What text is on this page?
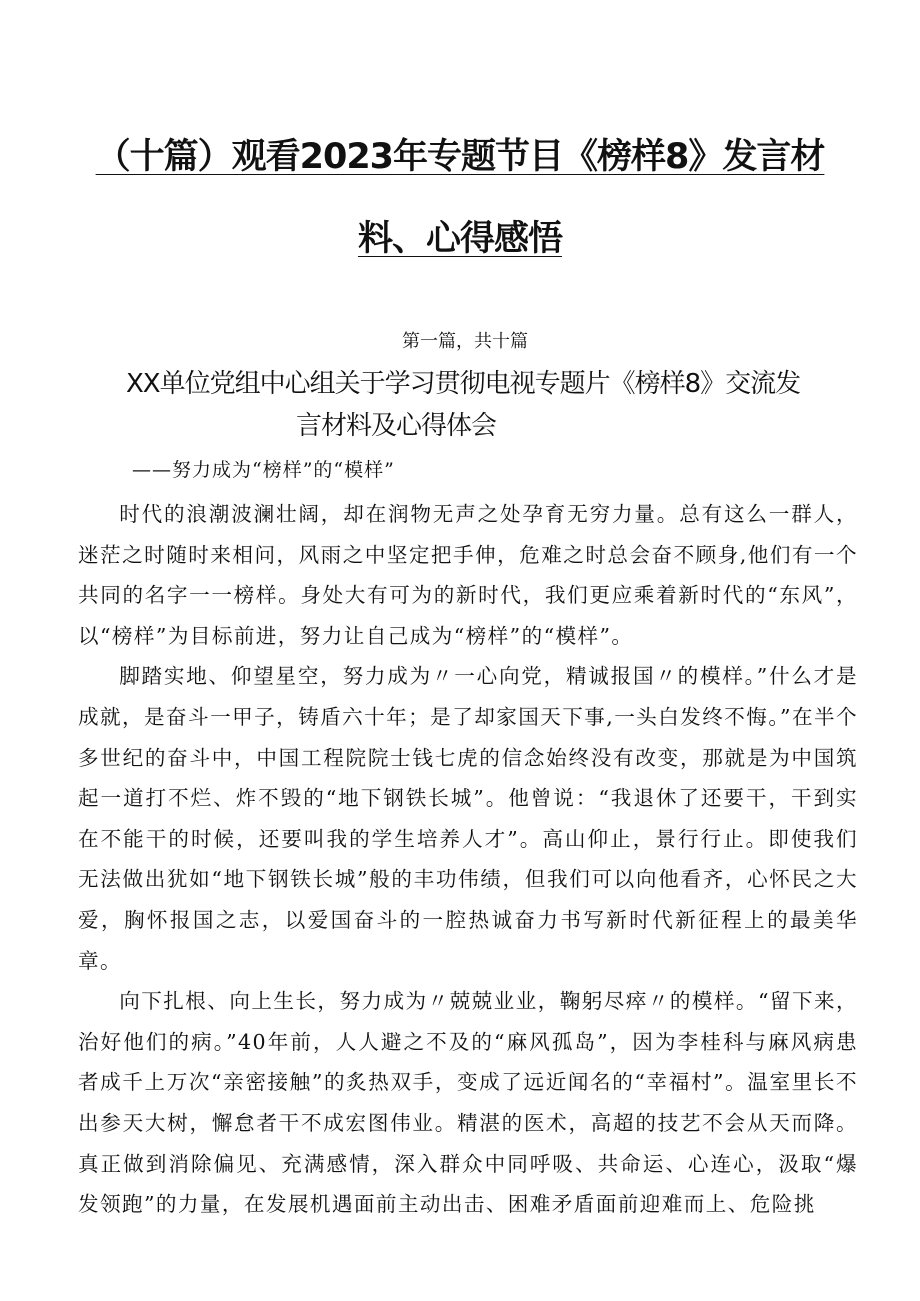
（十篇）观看2023年专题节目《榜样8》发言材
料、心得感悟
第一篇，共十篇
XX单位党组中心组关于学习贯彻电视专题片《榜样8》交流发
言材料及心得体会
——努力成为“榜样”的“模样”

时代的浪潮波澜壮阔，却在润物无声之处孕育无穷力量。总有这么一群人，迷茫之时随时来相问，风雨之中坚定把手伸，危难之时总会奋不顾身,他们有一个共同的名字一一榜样。身处大有可为的新时代，我们更应乘着新时代的“东风”，以“榜样”为目标前进，努力让自己成为“榜样”的“模样”。

脚踏实地、仰望星空，努力成为〃一心向党，精诚报国〃的模样。”什么才是成就，是奋斗一甲子，铸盾六十年；是了却家国天下事,一头白发终不悔。”在半个多世纪的奋斗中，中国工程院院士钱七虎的信念始终没有改变，那就是为中国筑起一道打不烂、炸不毁的“地下钢铁长城”。他曾说：“我退休了还要干，干到实在不能干的时候，还要叫我的学生培养人才”。高山仰止，景行行止。即使我们无法做出犹如“地下钢铁长城”般的丰功伟绩，但我们可以向他看齐，心怀民之大爱，胸怀报国之志，以爱国奋斗的一腔热诚奋力书写新时代新征程上的最美华章。

向下扎根、向上生长，努力成为〃兢兢业业，鞠躬尽瘁〃的模样。“留下来，治好他们的病。”40年前，人人避之不及的“麻风孤岛”，因为李桂科与麻风病患者成千上万次“亲密接触”的炙热双手，变成了远近闻名的“幸福村”。温室里长不出参天大树，懈怠者干不成宏图伟业。精湛的医术，高超的技艺不会从天而降。真正做到消除偏见、充满感情，深入群众中同呼吸、共命运、心连心，汲取“爆发领跑”的力量，在发展机遇面前主动出击、困难矛盾面前迎难而上、危险挑
